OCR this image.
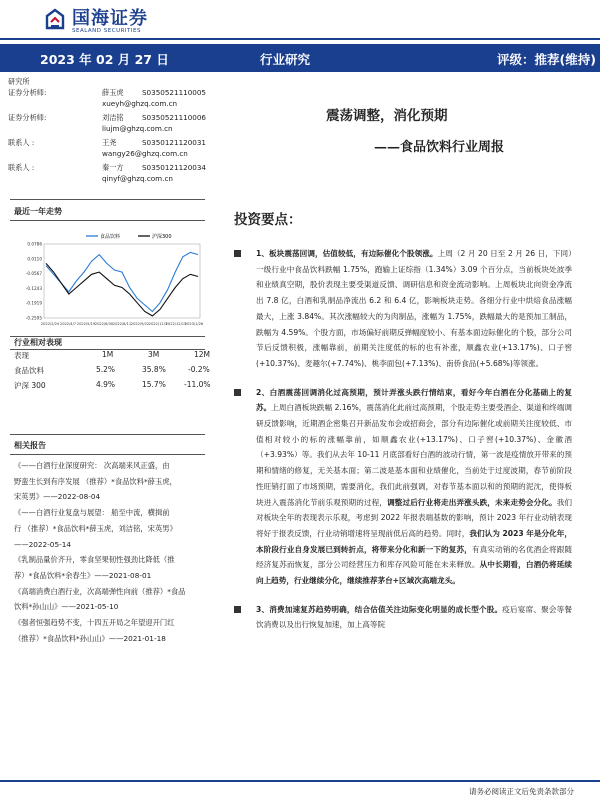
国海证券
SEALAND SECURITIES
2023 年 02 月 27 日	行业研究	评级：推荐(维持)
研究所
证券分析师:	薛玉虎	S0350521110005
xueyh@ghzq.com.cn
证券分析师:	刘洁铭	S0350521110006
liujm@ghzq.com.cn
联系人 :	王尧	S0350121120031
wangy26@ghzq.com.cn
联系人 :	秦一方	S0350121120034
qinyf@ghzq.com.cn
震荡调整，消化预期
——食品饮料行业周报
最近一年走势
0.0786
0.0110
-0.0567
-0.1243
-0.1919
-0.2595
2022/2/24 2022/4/7 2022/5/19 2022/6/30 2022/8/11 2022/9/22 2022/11/3
2022/12/15
2023/1/26
食品饮料	沪深300
行业相对表现
表现	1M	3M	12M
食品饮料	5.2%	35.8%	-0.2%
沪深 300	4.9%	15.7% -11.0%
相关报告
《——白酒行业深度研究： 次高端来风正盛，由
野蛮生长到有序发展 （推荐）*食品饮料*薛玉虎，
宋英男》——2022-08-04
《——白酒行业复盘与展望： 船至中流，横揖前
行 （推荐）*食品饮料*薛玉虎，刘洁铭，宋英男》
——2022-05-14
《乳制品量价齐升，零食坚果韧性强劲比降低（推
荐）*食品饮料*余春生》——2021-08-01
《高端消费白酒行业，次高端弹性向前（推荐）*食品
饮料*孙山山》——2021-05-10
《强者恒强趋势不变，十四五开局之年望迎开门红
（推荐）*食品饮料*孙山山》——2021-01-18
投资要点：
1、板块震荡回调，估值较低，有边际催化个股领涨。上周（2 月 20 日至 2 月 26 日，下同）一级行业中食品饮料跌幅 1.75%，跑输上证综指（1.34%）3.09 个百分点，当前板块处波季和业绩真空期，股价表现主要受渠道反馈、调研信息和资金流动影响。上周板块北向资金净流出 7.8 亿，白酒和乳制品净流出 6.2 和 6.4 亿，影响板块走势。各细分行业中烘焙食品涨幅最大，上涨 3.84%。其次涨幅较大的为肉制品，涨幅为 1.75%，跌幅最大的是预加工制品，跌幅为 4.59%。个股方面，市场偏好前期反弹幅度较小、有基本面边际催化的个股，部分公司节后反馈积极，涨幅靠前，前期关注度低的标的也有补涨，顺鑫农业(+13.17%)、口子窖(+10.37%)、麦趣尔(+7.74%)、桃李面包(+7.13%)、南侨食品(+5.68%)等领涨。
2、白酒震荡回调消化过高预期，预计弄涨头跌行情结束，看好今年白酒在分化基础上的复苏。上周白酒板块跌幅 2.16%，震荡消化此前过高预期，个股走势主要受酒企、渠道和终端调研反馈影响，近期酒企密集召开新品发布会或招商会，部分有边际催化或前期关注度较低、市值相对较小的标的涨幅靠前，如顺鑫农业(+13.17%)、口子窖(+10.37%)、金徽酒（+3.93%）等。我们从去年 10-11 月底部看好白酒的波动行情，第一波是疫情放开带来的预期和情绪的修复，无关基本面；第二波是基本面和业绩催化，当前处于过度波期，春节前阶段性旺销打面了市场预期，需要消化，我们此前强调，对春节基本面以和的预期的泥沈，使得板块进入震荡消化节前乐观预期的过程，调整过后行业将走出弄涨头跌，未来走势会分化。我们对板块全年的表现表示乐观，考虑到 2022 年报表端基数的影响，预计 2023 年行业动销表现将好于报表反馈，行业动销增速将呈现前低后高的趋势。同时，我们认为 2023 年是分化年，本阶段行业自身发展已到转折点，将带来分化和新一下的复苏，有真实动销的名优酒企将跟随经济复苏而恢复，部分公司经营压力和库存风险可能在未来释放。从中长期看，白酒仍将延续向上趋势，行业继续分化，继续推荐茅台+区域次高端龙头。
3、消费加速复苏趋势明确，结合估值关注边际变化明显的成长型个股。疫后宴席、聚会等餐饮消费以及出行恢复加速，加上高等院
请务必阅读正文后免责条款部分
